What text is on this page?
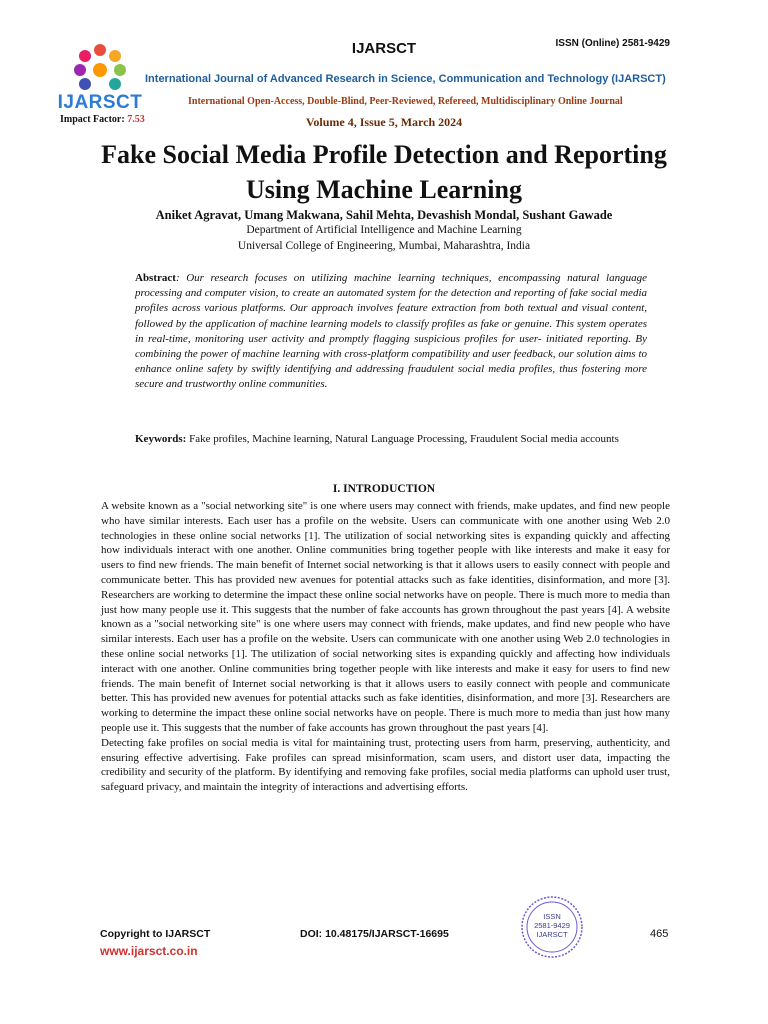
IJARSCT
Impact Factor: 7.53
IJARSCT	ISSN (Online) 2581-9429
International Journal of Advanced Research in Science, Communication and Technology (IJARSCT)
International Open-Access, Double-Blind, Peer-Reviewed, Refereed, Multidisciplinary Online Journal
Volume 4, Issue 5, March 2024
Fake Social Media Profile Detection and Reporting
Using Machine Learning
Aniket Agravat, Umang Makwana, Sahil Mehta, Devashish Mondal, Sushant Gawade
Department of Artificial Intelligence and Machine Learning
Universal College of Engineering, Mumbai, Maharashtra, India
Abstract: Our research focuses on utilizing machine learning techniques, encompassing natural language processing and computer vision, to create an automated system for the detection and reporting of fake social media profiles across various platforms. Our approach involves feature extraction from both textual and visual content, followed by the application of machine learning models to classify profiles as fake or genuine. This system operates in real-time, monitoring user activity and promptly flagging suspicious profiles for user- initiated reporting. By combining the power of machine learning with cross-platform compatibility and user feedback, our solution aims to enhance online safety by swiftly identifying and addressing fraudulent social media profiles, thus fostering more secure and trustworthy online communities.
Keywords: Fake profiles, Machine learning, Natural Language Processing, Fraudulent Social media accounts
I. INTRODUCTION

A website known as a "social networking site" is one where users may connect with friends, make updates, and find new people who have similar interests. Each user has a profile on the website. Users can communicate with one another using Web 2.0 technologies in these online social networks [1]. The utilization of social networking sites is expanding quickly and affecting how individuals interact with one another. Online communities bring together people with like interests and make it easy for users to find new friends. The main benefit of Internet social networking is that it allows users to easily connect with people and communicate better. This has provided new avenues for potential attacks such as fake identities, disinformation, and more [3]. Researchers are working to determine the impact these online social networks have on people. There is much more to media than just how many people use it. This suggests that the number of fake accounts has grown throughout the past years [4]. A website known as a "social networking site" is one where users may connect with friends, make updates, and find new people who have similar interests. Each user has a profile on the website. Users can communicate with one another using Web 2.0 technologies in these online social networks [1]. The utilization of social networking sites is expanding quickly and affecting how individuals interact with one another. Online communities bring together people with like interests and make it easy for users to find new friends. The main benefit of Internet social networking is that it allows users to easily connect with people and communicate better. This has provided new avenues for potential attacks such as fake identities, disinformation, and more [3]. Researchers are working to determine the impact these online social networks have on people. There is much more to media than just how many people use it. This suggests that the number of fake accounts has grown throughout the past years [4].

Detecting fake profiles on social media is vital for maintaining trust, protecting users from harm, preserving, authenticity, and ensuring effective advertising. Fake profiles can spread misinformation, scam users, and distort user data, impacting the credibility and security of the platform. By identifying and removing fake profiles, social media platforms can uphold user trust, safeguard privacy, and maintain the integrity of interactions and advertising efforts.

Copyright to IJARSCT
www.ijarsct.co.in
DOI: 10.48175/IJARSCT-16695
ISSN
2581-9429
IJARSCT	465
